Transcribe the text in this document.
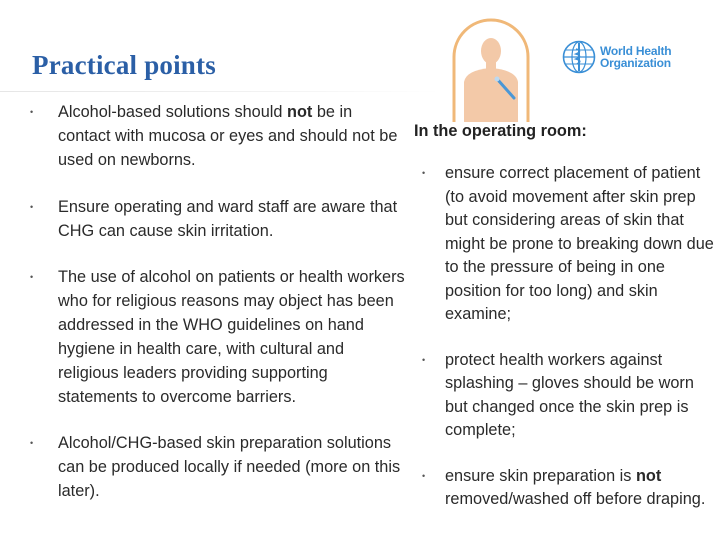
Practical points	World Health
Organization
• Alcohol-based solutions should not be in contact with mucosa or eyes and should not be used on newborns.
• Ensure operating and ward staff are aware that CHG can cause skin irritation.
• The use of alcohol on patients or health workers who for religious reasons may object has been addressed in the WHO guidelines on hand hygiene in health care, with cultural and religious leaders providing supporting statements to overcome barriers.
• Alcohol/CHG-based skin preparation solutions can be produced locally if needed (more on this later).
In the operating room:
• ensure correct placement of patient (to avoid movement after skin prep but considering areas of skin that might be prone to breaking down due to the pressure of being in one position for too long) and skin examine;
• protect health workers against splashing – gloves should be worn but changed once the skin prep is complete;
• ensure skin preparation is not removed/washed off before draping.
